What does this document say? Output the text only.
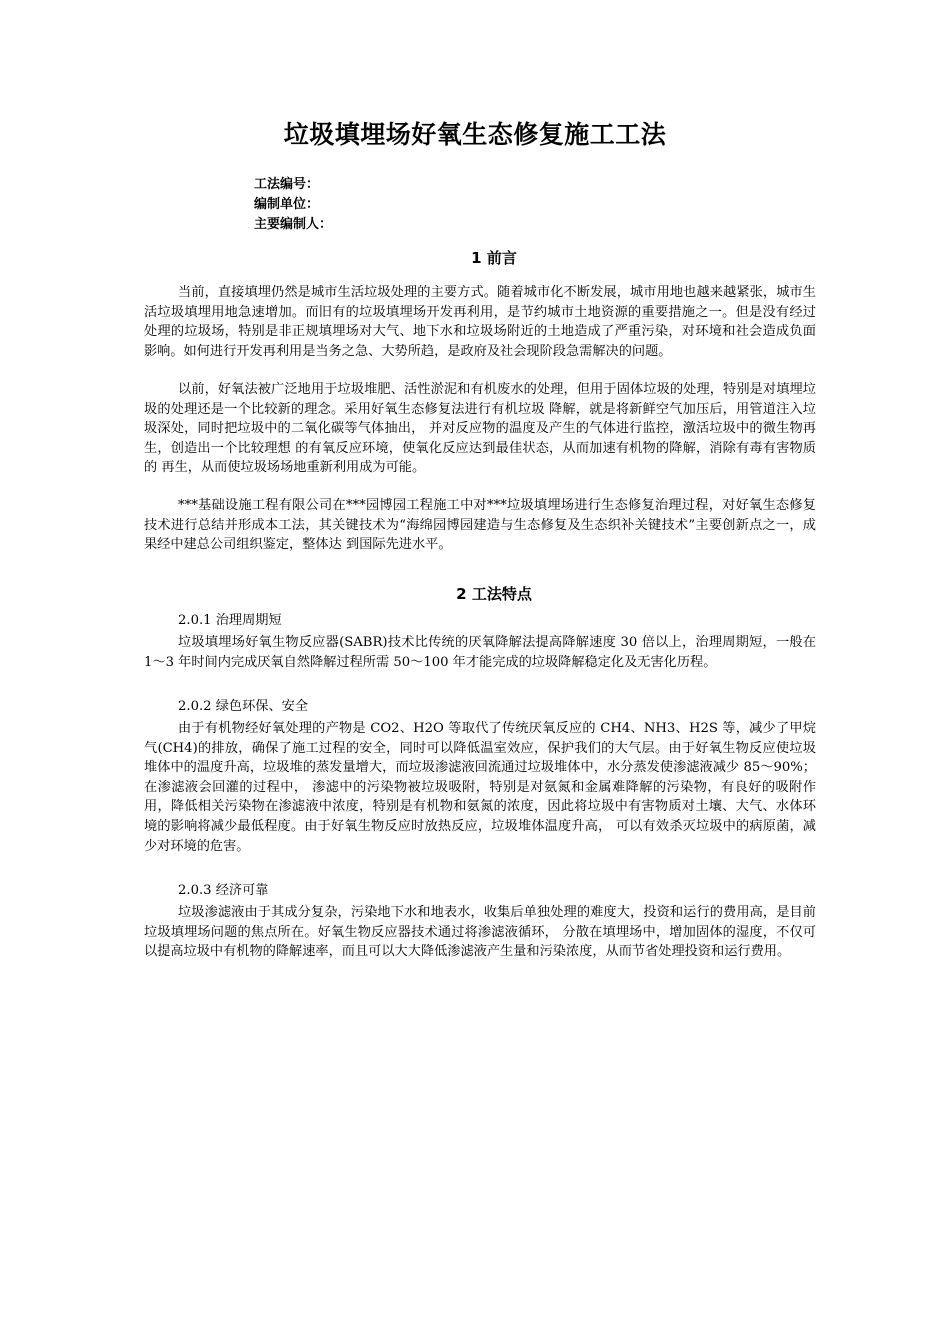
垃圾填埋场好氧生态修复施工工法
工法编号：
编制单位：
主要编制人：
1 前言
当前，直接填埋仍然是城市生活垃圾处理的主要方式。随着城市化不断发展，城市用地也越来越紧张，城市生活垃圾填埋用地急速增加。而旧有的垃圾填埋场开发再利用，是节约城市土地资源的重要措施之一。但是没有经过处理的垃圾场，特别是非正规填埋场对大气、地下水和垃圾场附近的土地造成了严重污染，对环境和社会造成负面影响。如何进行开发再利用是当务之急、大势所趋，是政府及社会现阶段急需解决的问题。
以前，好氧法被广泛地用于垃圾堆肥、活性淤泥和有机废水的处理，但用于固体垃圾的处理，特别是对填埋垃圾的处理还是一个比较新的理念。采用好氧生态修复法进行有机垃圾 降解，就是将新鲜空气加压后，用管道注入垃圾深处，同时把垃圾中的二氧化碳等气体抽出， 并对反应物的温度及产生的气体进行监控，激活垃圾中的微生物再生，创造出一个比较理想 的有氧反应环境，使氧化反应达到最佳状态，从而加速有机物的降解，消除有毒有害物质的 再生，从而使垃圾场场地重新利用成为可能。
***基础设施工程有限公司在***园博园工程施工中对***垃圾填埋场进行生态修复治理过程，对好氧生态修复技术进行总结并形成本工法，其关键技术为“海绵园博园建造与生态修复及生态织补关键技术”主要创新点之一，成果经中建总公司组织鉴定，整体达 到国际先进水平。
2 工法特点
2.0.1 治理周期短
垃圾填埋场好氧生物反应器(SABR)技术比传统的厌氧降解法提高降解速度 30 倍以上，治理周期短，一般在 1～3 年时间内完成厌氧自然降解过程所需 50～100 年才能完成的垃圾降解稳定化及无害化历程。
2.0.2 绿色环保、安全
由于有机物经好氧处理的产物是 CO2、H2O 等取代了传统厌氧反应的 CH4、NH3、H2S 等，减少了甲烷气(CH4)的排放，确保了施工过程的安全，同时可以降低温室效应，保护我们的大气层。由于好氧生物反应使垃圾堆体中的温度升高，垃圾堆的蒸发量增大，而垃圾渗滤液回流通过垃圾堆体中，水分蒸发使渗滤液减少 85～90%；在渗滤液会回灌的过程中， 渗滤中的污染物被垃圾吸附，特别是对氨氮和金属难降解的污染物，有良好的吸附作用，降低相关污染物在渗滤液中浓度，特别是有机物和氨氮的浓度，因此将垃圾中有害物质对土壤、大气、水体环境的影响将减少最低程度。由于好氧生物反应时放热反应，垃圾堆体温度升高， 可以有效杀灭垃圾中的病原菌，减少对环境的危害。
2.0.3 经济可靠
垃圾渗滤液由于其成分复杂，污染地下水和地表水，收集后单独处理的难度大，投资和运行的费用高，是目前垃圾填埋场问题的焦点所在。好氧生物反应器技术通过将渗滤液循环， 分散在填埋场中，增加固体的湿度，不仅可以提高垃圾中有机物的降解速率，而且可以大大降低渗滤液产生量和污染浓度，从而节省处理投资和运行费用。
